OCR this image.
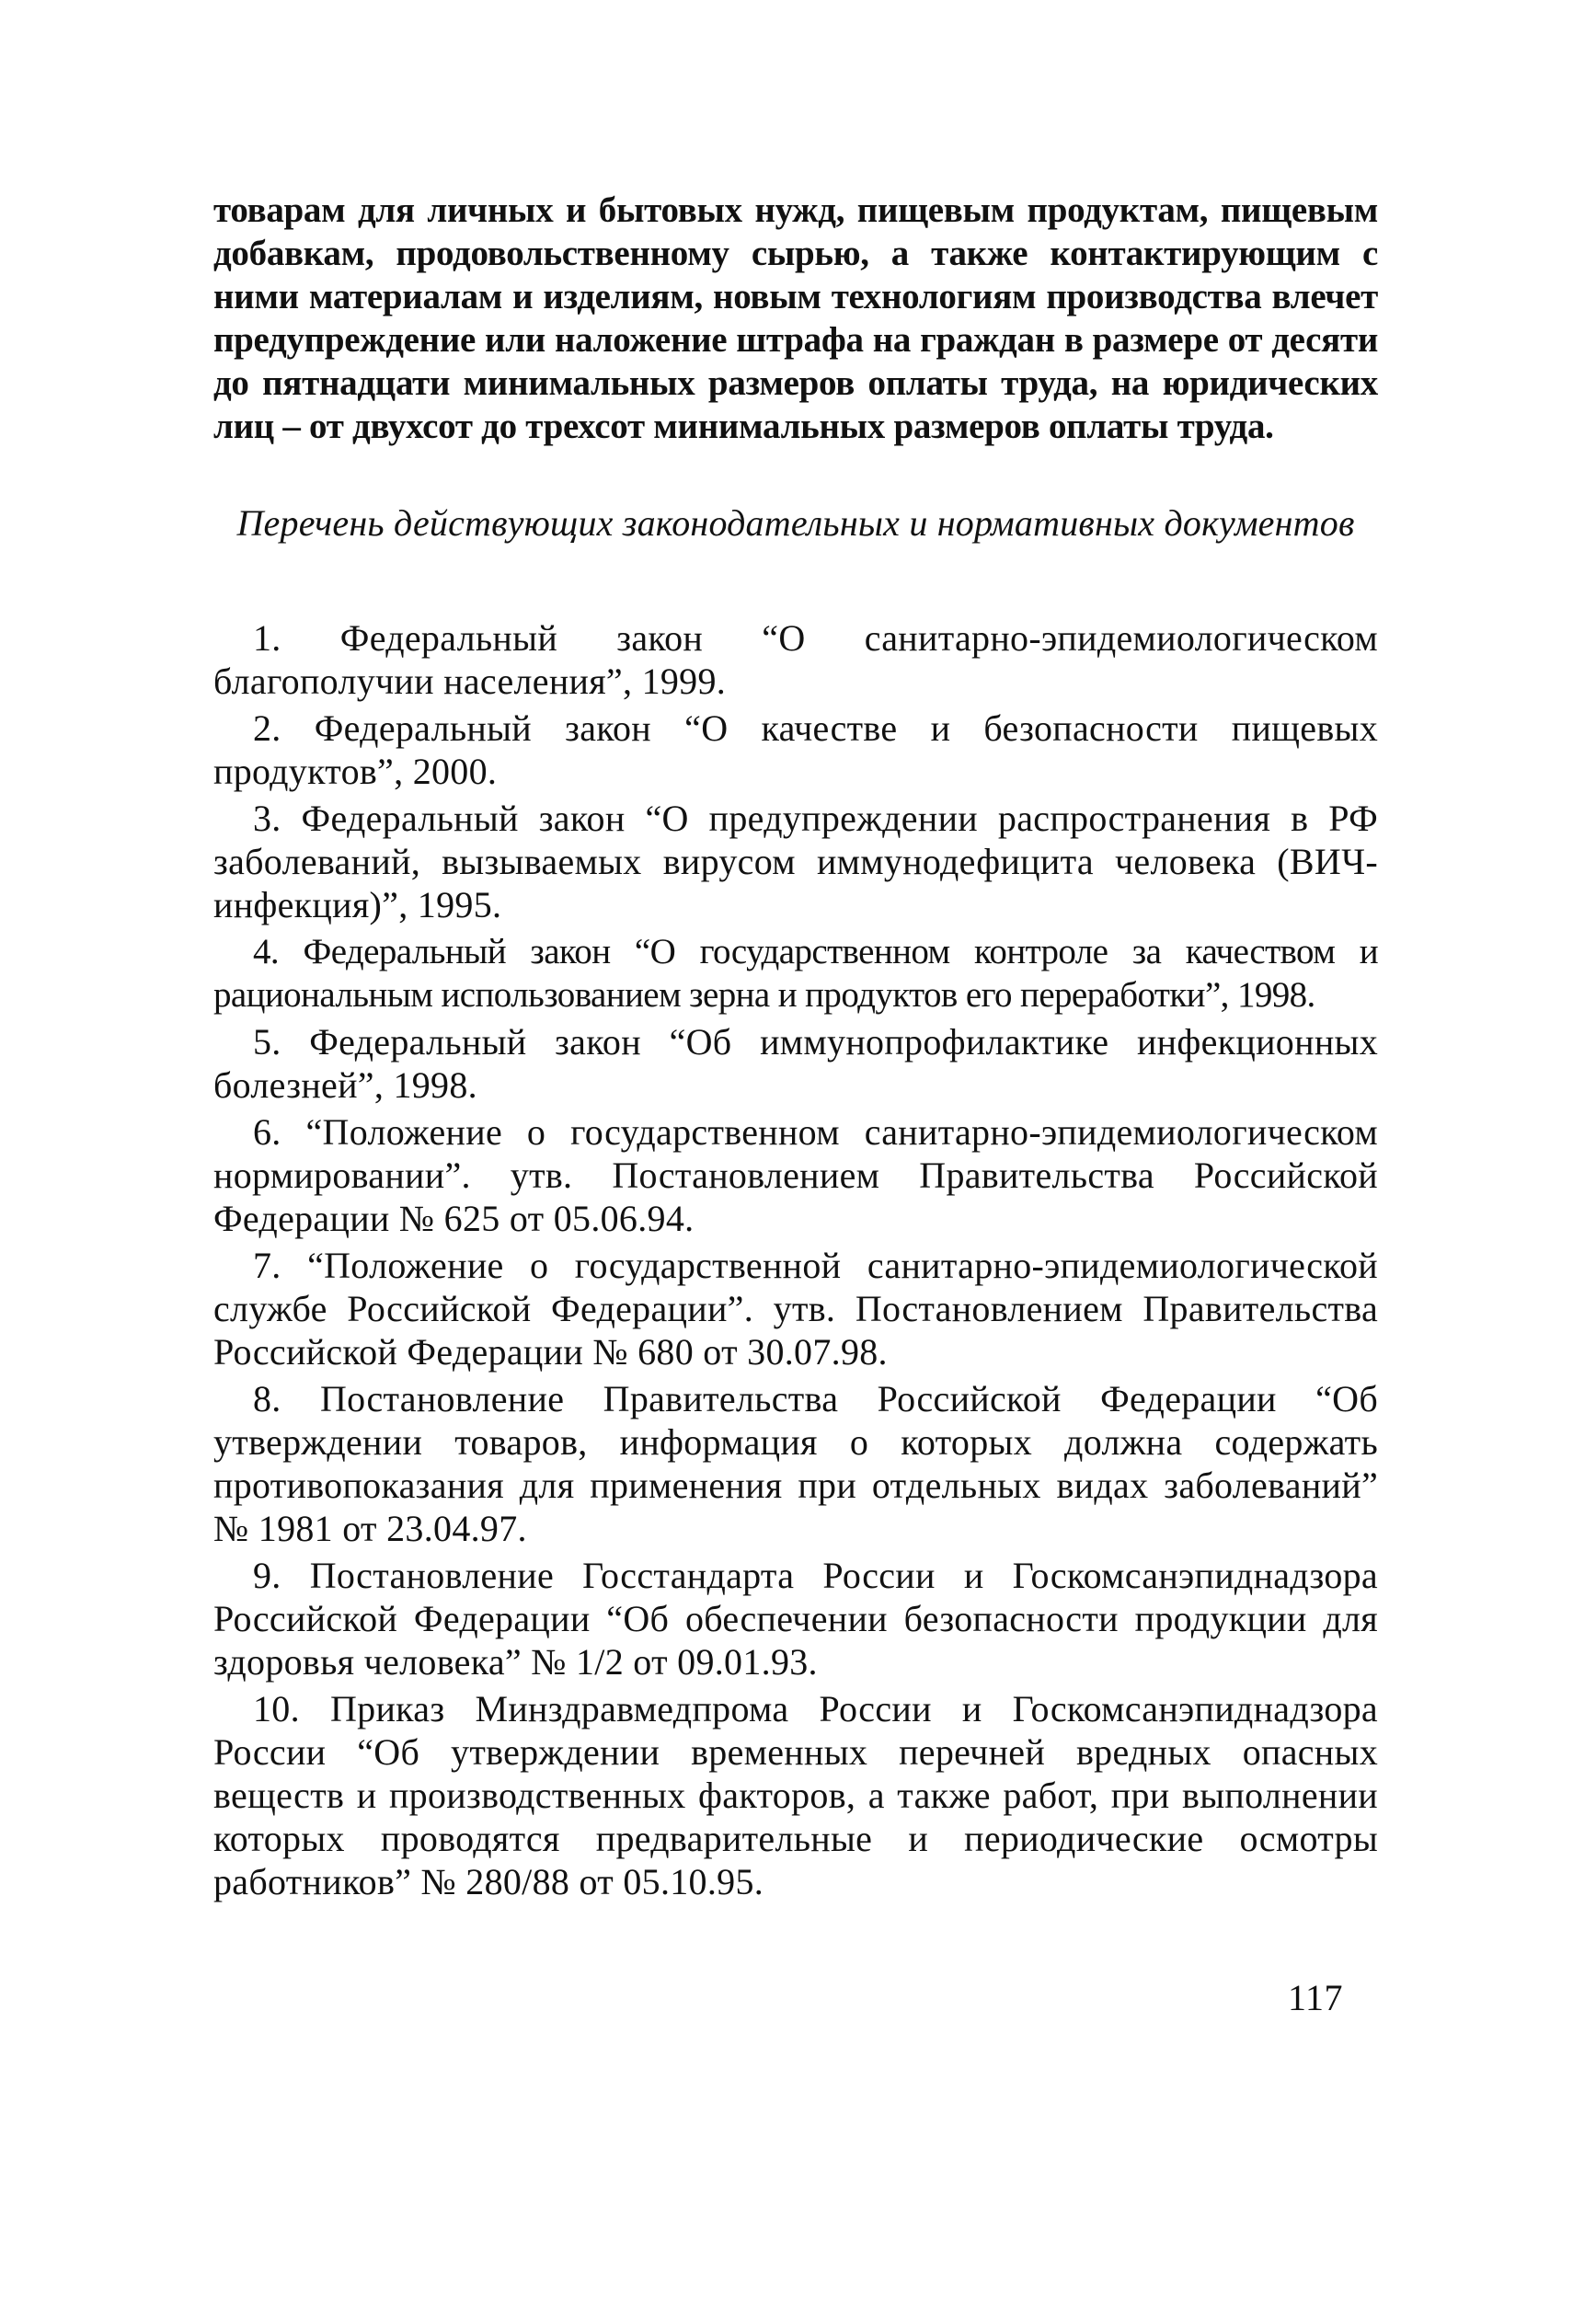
товарам для личных и бытовых нужд, пищевым продуктам, пищевым добавкам, продовольственному сырью, а также контактирующим с ними материалам и изделиям, новым технологиям производства влечет предупреждение или наложение штрафа на граждан в размере от десяти до пятнадцати минимальных размеров оплаты труда, на юридических лиц – от двухсот до трехсот минимальных размеров оплаты труда.

Перечень действующих законодательных и нормативных документов
1. Федеральный закон “О санитарно-эпидемиологическом благополучии населения”, 1999.
2. Федеральный закон “О качестве и безопасности пищевых продуктов”, 2000.
3. Федеральный закон “О предупреждении распространения в РФ заболеваний, вызываемых вирусом иммунодефицита человека (ВИЧ-инфекция)”, 1995.
4. Федеральный закон “О государственном контроле за качеством и рациональным использованием зерна и продуктов его переработки”, 1998.
5. Федеральный закон “Об иммунопрофилактике инфекционных болезней”, 1998.
6. “Положение о государственном санитарно-эпидемиологическом нормировании”. утв. Постановлением Правительства Российской Федерации № 625 от 05.06.94.
7. “Положение о государственной санитарно-эпидемиологической службе Российской Федерации”. утв. Постановлением Правительства Российской Федерации № 680 от 30.07.98.
8. Постановление Правительства Российской Федерации “Об утверждении товаров, информация о которых должна содержать противопоказания для применения при отдельных видах заболеваний” № 1981 от 23.04.97.
9. Постановление Госстандарта России и Госкомсанэпиднадзора Российской Федерации “Об обеспечении безопасности продукции для здоровья человека” № 1/2 от 09.01.93.
10. Приказ Минздравмедпрома России и Госкомсанэпиднадзора России “Об утверждении временных перечней вредных опасных веществ и производственных факторов, а также работ, при выполнении которых проводятся предварительные и периодические осмотры работников” № 280/88 от 05.10.95.
117
